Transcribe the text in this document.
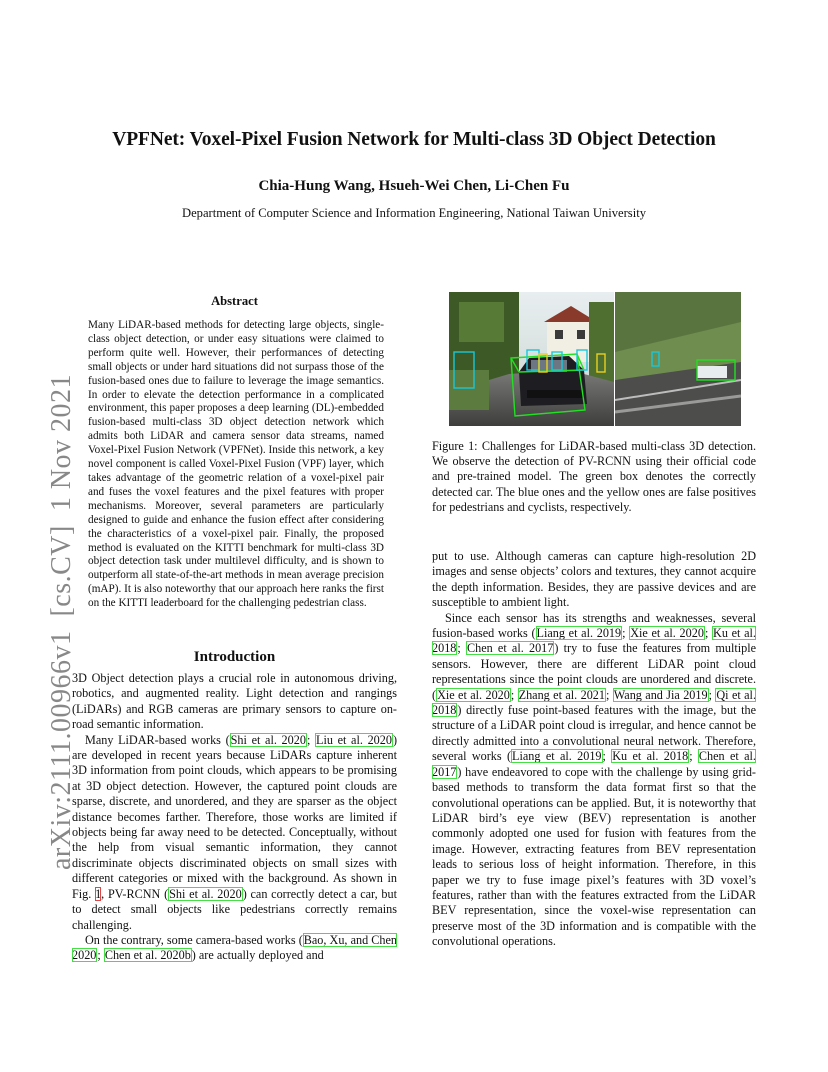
VPFNet: Voxel-Pixel Fusion Network for Multi-class 3D Object Detection
Chia-Hung Wang, Hsueh-Wei Chen, Li-Chen Fu
Department of Computer Science and Information Engineering, National Taiwan University
arXiv:2111.00966v1[cs.CV]1 Nov 2021
Abstract
Many LiDAR-based methods for detecting large objects, single-class object detection, or under easy situations were claimed to perform quite well. However, their performances of detecting small objects or under hard situations did not surpass those of the fusion-based ones due to failure to leverage the image semantics. In order to elevate the detection performance in a complicated environment, this paper proposes a deep learning (DL)-embedded fusion-based multi-class 3D object detection network which admits both LiDAR and camera sensor data streams, named Voxel-Pixel Fusion Network (VPFNet). Inside this network, a key novel component is called Voxel-Pixel Fusion (VPF) layer, which takes advantage of the geometric relation of a voxel-pixel pair and fuses the voxel features and the pixel features with proper mechanisms. Moreover, several parameters are particularly designed to guide and enhance the fusion effect after considering the characteristics of a voxel-pixel pair. Finally, the proposed method is evaluated on the KITTI benchmark for multi-class 3D object detection task under multilevel difficulty, and is shown to outperform all state-of-the-art methods in mean average precision (mAP). It is also noteworthy that our approach here ranks the first on the KITTI leaderboard for the challenging pedestrian class.
Introduction

3D Object detection plays a crucial role in autonomous driving, robotics, and augmented reality. Light detection and rangings (LiDARs) and RGB cameras are primary sensors to capture on-road semantic information.

Many LiDAR-based works (Shi et al. 2020; Liu et al. 2020) are developed in recent years because LiDARs capture inherent 3D information from point clouds, which appears to be promising at 3D object detection. However, the captured point clouds are sparse, discrete, and unordered, and they are sparser as the object distance becomes farther. Therefore, those works are limited if objects being far away need to be detected. Conceptually, without the help from visual semantic information, they cannot discriminate objects discriminated objects on small sizes with different categories or mixed with the background. As shown in Fig. 1, PV-RCNN (Shi et al. 2020) can correctly detect a car, but to detect small objects like pedestrians correctly remains challenging.

On the contrary, some camera-based works (Bao, Xu, and Chen 2020; Chen et al. 2020b) are actually deployed and

Figure 1: Challenges for LiDAR-based multi-class 3D detection. We observe the detection of PV-RCNN using their official code and pre-trained model. The green box denotes the correctly detected car. The blue ones and the yellow ones are false positives for pedestrians and cyclists, respectively.

put to use. Although cameras can capture high-resolution 2D images and sense objects’ colors and textures, they cannot acquire the depth information. Besides, they are passive devices and are susceptible to ambient light.

Since each sensor has its strengths and weaknesses, several fusion-based works (Liang et al. 2019; Xie et al. 2020; Ku et al. 2018; Chen et al. 2017) try to fuse the features from multiple sensors. However, there are different LiDAR point cloud representations since the point clouds are unordered and discrete. (Xie et al. 2020; Zhang et al. 2021; Wang and Jia 2019; Qi et al. 2018) directly fuse point-based features with the image, but the structure of a LiDAR point cloud is irregular, and hence cannot be directly admitted into a convolutional neural network. Therefore, several works (Liang et al. 2019; Ku et al. 2018; Chen et al. 2017) have endeavored to cope with the challenge by using grid-based methods to transform the data format first so that the convolutional operations can be applied. But, it is noteworthy that LiDAR bird’s eye view (BEV) representation is another commonly adopted one used for fusion with features from the image. However, extracting features from BEV representation leads to serious loss of height information. Therefore, in this paper we try to fuse image pixel’s features with 3D voxel’s features, rather than with the features extracted from the LiDAR BEV representation, since the voxel-wise representation can preserve most of the 3D information and is compatible with the convolutional operations.
